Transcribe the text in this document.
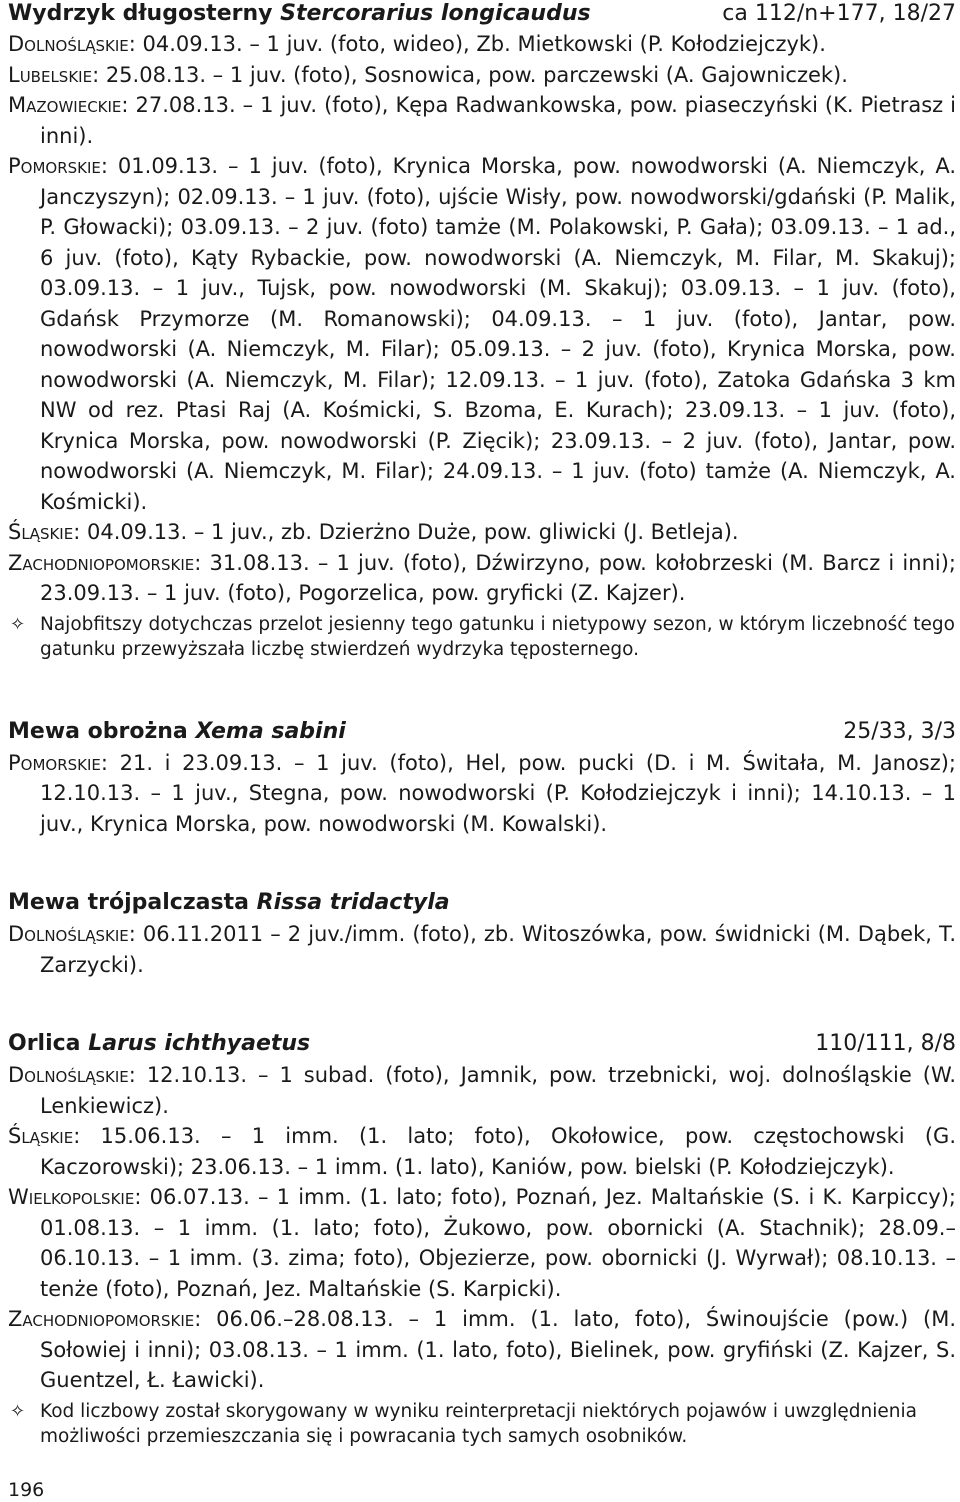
Wydrzyk długosterny Stercorarius longicaudus	ca 112/n+177, 18/27

Dolnośląskie: 04.09.13. – 1 juv. (foto, wideo), Zb. Mietkowski (P. Kołodziejczyk).

Lubelskie: 25.08.13. – 1 juv. (foto), Sosnowica, pow. parczewski (A. Gajowniczek).

Mazowieckie: 27.08.13. – 1 juv. (foto), Kępa Radwankowska, pow. piaseczyński (K. Pietrasz i inni).

Pomorskie: 01.09.13. – 1 juv. (foto), Krynica Morska, pow. nowodworski (A. Niemczyk, A. Janczyszyn); 02.09.13. – 1 juv. (foto), ujście Wisły, pow. nowodworski/gdański (P. Malik, P. Głowacki); 03.09.13. – 2 juv. (foto) tamże (M. Polakowski, P. Gała); 03.09.13. – 1 ad., 6 juv. (foto), Kąty Rybackie, pow. nowodworski (A. Niemczyk, M. Filar, M. Skakuj); 03.09.13. – 1 juv., Tujsk, pow. nowodworski (M. Skakuj); 03.09.13. – 1 juv. (foto), Gdańsk Przymorze (M. Romanowski); 04.09.13. – 1 juv. (foto), Jantar, pow. nowodworski (A. Niemczyk, M. Filar); 05.09.13. – 2 juv. (foto), Krynica Morska, pow. nowodworski (A. Niemczyk, M. Filar); 12.09.13. – 1 juv. (foto), Zatoka Gdańska 3 km NW od rez. Ptasi Raj (A. Kośmicki, S. Bzoma, E. Kurach); 23.09.13. – 1 juv. (foto), Krynica Morska, pow. nowodworski (P. Zięcik); 23.09.13. – 2 juv. (foto), Jantar, pow. nowodworski (A. Niemczyk, M. Filar); 24.09.13. – 1 juv. (foto) tamże (A. Niemczyk, A. Kośmicki).

Śląskie: 04.09.13. – 1 juv., zb. Dzierżno Duże, pow. gliwicki (J. Betleja).

Zachodniopomorskie: 31.08.13. – 1 juv. (foto), Dźwirzyno, pow. kołobrzeski (M. Barcz i inni); 23.09.13. – 1 juv. (foto), Pogorzelica, pow. gryficki (Z. Kajzer).

✧ Najobfitszy dotychczas przelot jesienny tego gatunku i nietypowy sezon, w którym liczebność tego gatunku przewyższała liczbę stwierdzeń wydrzyka tęposternego.
Mewa obrożna Xema sabini	25/33, 3/3

Pomorskie: 21. i 23.09.13. – 1 juv. (foto), Hel, pow. pucki (D. i M. Świtała, M. Janosz); 12.10.13. – 1 juv., Stegna, pow. nowodworski (P. Kołodziejczyk i inni); 14.10.13. – 1 juv., Krynica Morska, pow. nowodworski (M. Kowalski).

Mewa trójpalczasta Rissa tridactyla

Dolnośląskie: 06.11.2011 – 2 juv./imm. (foto), zb. Witoszówka, pow. świdnicki (M. Dąbek, T. Zarzycki).

Orlica Larus ichthyaetus	110/111, 8/8

Dolnośląskie: 12.10.13. – 1 subad. (foto), Jamnik, pow. trzebnicki, woj. dolnośląskie (W. Lenkiewicz).

Śląskie: 15.06.13. – 1 imm. (1. lato; foto), Okołowice, pow. częstochowski (G. Kaczorowski); 23.06.13. – 1 imm. (1. lato), Kaniów, pow. bielski (P. Kołodziejczyk).

Wielkopolskie: 06.07.13. – 1 imm. (1. lato; foto), Poznań, Jez. Maltańskie (S. i K. Karpiccy); 01.08.13. – 1 imm. (1. lato; foto), Żukowo, pow. obornicki (A. Stachnik); 28.09.–06.10.13. – 1 imm. (3. zima; foto), Objezierze, pow. obornicki (J. Wyrwał); 08.10.13. – tenże (foto), Poznań, Jez. Maltańskie (S. Karpicki).

Zachodniopomorskie: 06.06.–28.08.13. – 1 imm. (1. lato, foto), Świnoujście (pow.) (M. Sołowiej i inni); 03.08.13. – 1 imm. (1. lato, foto), Bielinek, pow. gryfiński (Z. Kajzer, S. Guentzel, Ł. Ławicki).

✧ Kod liczbowy został skorygowany w wyniku reinterpretacji niektórych pojawów i uwzględnienia możliwości przemieszczania się i powracania tych samych osobników.
196
